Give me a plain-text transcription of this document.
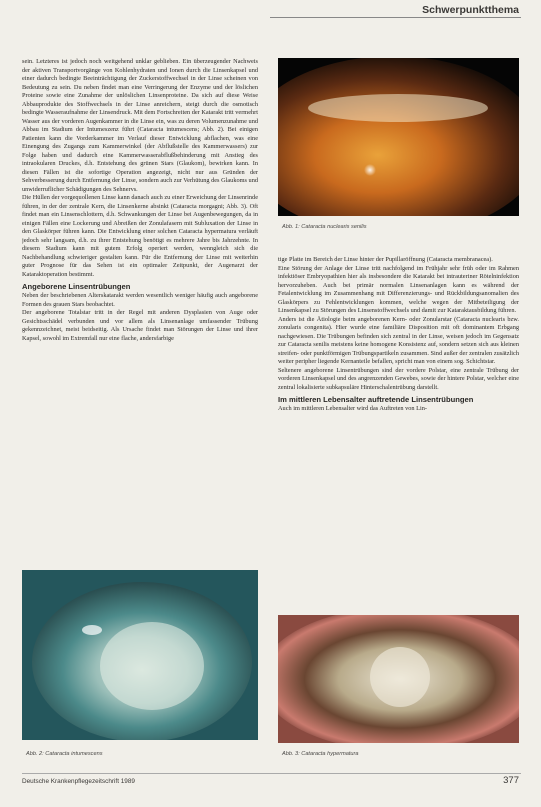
Schwerpunktthema

sein. Letzteres ist jedoch noch weitgehend unklar geblieben. Ein überzeugender Nachweis der aktiven Transportvorgänge von Kohlenhydraten und Ionen durch die Linsenkapsel und einer dadurch bedingte Beeinträchtigung der Zuckerstoffwechsel in der Linse scheinen von Bedeutung zu sein. Du neben findet man eine Verringerung der Enzyme und der löslichen Proteine sowie eine Zunahme der unlöslichen Linsenproteine. Da sich auf diese Weise Abbauprodukte des Stoffwechsels in der Linse anreichern, steigt durch die osmotisch bedingte Wasseraufnahme der Linsendruck. Mit dem Fortschreiten der Katarakt tritt vermehrt Wasser aus der vorderen Augenkammer in die Linse ein, was zu deren Volumenzunahme und Abbau im Stadium der Intumeszenz führt (Cataracta intumescens; Abb. 2). Bei einigen Patienten kann die Vorderkammer im Verlauf dieser Entwicklung abflachen, was eine Einengung des Zugangs zum Kammerwinkel (der Abflußstelle des Kammerwassers) zur Folge haben und dadurch eine Kammerwasserabflußbehinderung mit Anstieg des intraokularen Druckes, d.h. Entstehung des grünen Stars (Glaukom), bewirken kann. In diesen Fällen ist die sofortige Operation angezeigt, nicht nur aus Gründen der Sehverbesserung durch Entfernung der Linse, sondern auch zur Verhütung des Glaukoms und unwiderruflicher Schädigungen des Sehnervs.

Die Hüllen der vorgequollenen Linse kann danach auch zu einer Erweichung der Linsenrinde führen, in der der zentrale Kern, die Linsenkerne absinkt (Cataracta morgagni; Abb. 3). Oft findet man ein Linsenschlottern, d.h. Schwankungen der Linse bei Augenbewegungen, da in einigen Fällen eine Lockerung und Abreißen der Zonulafasern mit Subluxation der Linse in den Glaskörper führen kann. Die Entwicklung einer solchen Cataracta hypermatura verläuft jedoch sehr langsam, d.h. zu ihrer Entstehung benötigt es mehrere Jahre bis Jahrzehnte. In diesem Stadium kann mit gutem Erfolg operiert werden, wenngleich sich die Nachbehandlung schwieriger gestalten kann. Für die Entfernung der Linse mit weiterhin guter Prognose für das Sehen ist ein optimaler Zeitpunkt, der Augenarzt der Kataraktoperation bestimmt.

Angeborene Linsentrübungen

Neben der beschriebenen Alterskatarakt werden wesentlich weniger häufig auch angeborene Formen des grauen Stars beobachtet.

Der angeborene Totalstar tritt in der Regel mit anderen Dysplasien von Auge oder Gesichtsschädel verbunden und vor allem als Linsenanlage umfassender Trübung gekennzeichnet, meist beidseitig. Als Ursache findet man Störungen der Linse und ihrer Kapsel, sowohl im Extremfall nur eine flache, andersfarbige

Abb. 1: Cataracta nuclearis senilis

tige Platte im Bereich der Linse hinter der Pupillaröffnung (Cataracta membranacea).

Eine Störung der Anlage der Linse tritt nachfolgend im Frühjahr sehr früh oder im Rahmen infektiöser Embryopathien hier als insbesondere die Katarakt bei intrauteriner Rötelninfektion hervorzuheben. Auch bei primär normalen Linsenanlagen kann es während der Fetalentwicklung im Zusammenhang mit Differenzierungs- und Rückbildungsanomalien des Glaskörpers zu Fehlentwicklungen kommen, welche wegen der Mitbeteiligung der Linsenkapsel zu Störungen des Linsenstoffwechsels und damit zur Kataraktausbildung führen.

Anders ist die Ätiologie beim angeborenen Kern- oder Zonularstar (Cataracta nuclearis bzw. zonularis congenita). Hier wurde eine familiäre Disposition mit oft dominantem Erbgang nachgewiesen. Die Trübungen befinden sich zentral in der Linse, weisen jedoch im Gegensatz zur Cataracta senilis meistens keine homogene Konsistenz auf, sondern setzen sich aus kleinen streifen- oder punktförmigen Trübungspartikeln zusammen. Sind außer der zentralen zusätzlich weiter peripher liegende Kernanteile befallen, spricht man von einem sog. Schichtstar.

Seltenere angeborene Linsentrübungen sind der vordere Polstar, eine zentrale Trübung der vorderen Linsenkapsel und des angrenzenden Gewebes, sowie der hintere Polstar, welcher eine zentral lokalisierte subkapsuläre Hinterschalentrübung darstellt.

Im mittleren Lebensalter auftretende Linsentrübungen

Auch im mittleren Lebensalter wird das Auftreten von Lin-

Abb. 2: Cataracta intumescens	Abb. 3: Cataracta hypermatura
Deutsche Krankenpflegezeitschrift 1989	377
